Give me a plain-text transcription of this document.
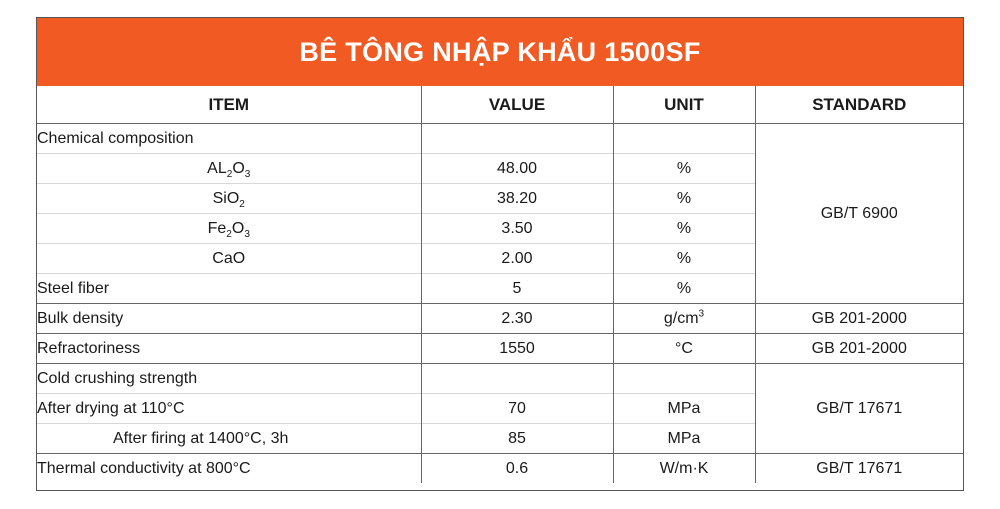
BÊ TÔNG NHẬP KHẨU 1500SF
ITEM	VALUE	UNIT	STANDARD
Chemical composition			GB/T 6900
$AL_2O_3$	48.00	%	
SiO$_2$	38.20	%	
$Fe_2O_3$	3.50	%	
CaO	2.00	%	
Steel fiber	5	%	
Bulk density	2.30	$g/cm^3$	GB 201-2000
Refractoriness	1550	°C	GB 201-2000
Cold crushing strength			GB/T 17671
After drying at 110°C	70	MPa	
After firing at 1400°C, 3h	85	MPa	
Thermal conductivity at 800°C	0.6	W/m·K	GB/T 17671
